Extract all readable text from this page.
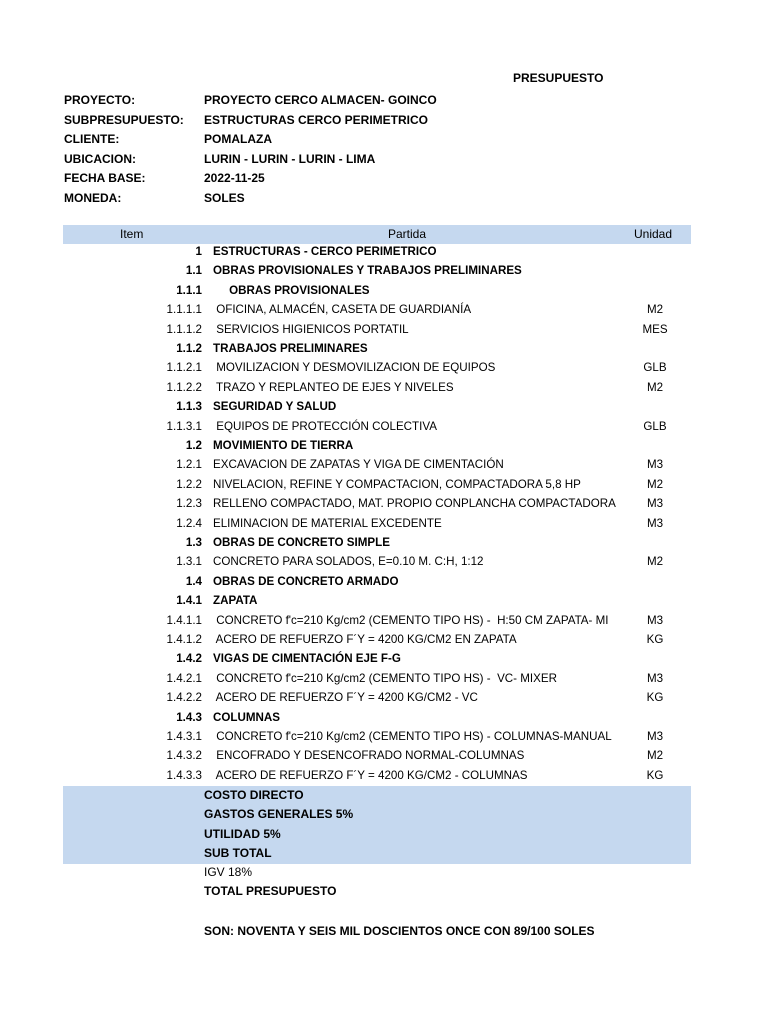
PRESUPUESTO
PROYECTO:	PROYECTO CERCO ALMACEN- GOINCO
SUBPRESUPUESTO: ESTRUCTURAS CERCO PERIMETRICO
CLIENTE:	POMALAZA
UBICACION:	LURIN - LURIN - LURIN - LIMA
FECHA BASE:	2022-11-25
MONEDA:	SOLES
Item	Partida	Unidad
1 ESTRUCTURAS - CERCO PERIMETRICO
1.1 OBRAS PROVISIONALES Y TRABAJOS PRELIMINARES
1.1.1 OBRAS PROVISIONALES
1.1.1.1 OFICINA, ALMACÉN, CASETA DE GUARDIANÍA	M2
1.1.1.2 SERVICIOS HIGIENICOS PORTATIL	MES
1.1.2 TRABAJOS PRELIMINARES
1.1.2.1 MOVILIZACION Y DESMOVILIZACION DE EQUIPOS	GLB
1.1.2.2 TRAZO Y REPLANTEO DE EJES Y NIVELES	M2
1.1.3 SEGURIDAD Y SALUD
1.1.3.1 EQUIPOS DE PROTECCIÓN COLECTIVA	GLB
1.2 MOVIMIENTO DE TIERRA
1.2.1 EXCAVACION DE ZAPATAS Y VIGA DE CIMENTACIÓN	M3
1.2.2 NIVELACION, REFINE Y COMPACTACION, COMPACTADORA 5,8 HP	M2
1.2.3 RELLENO COMPACTADO, MAT. PROPIO CONPLANCHA COMPACTADORA	M3
1.2.4 ELIMINACION DE MATERIAL EXCEDENTE	M3
1.3 OBRAS DE CONCRETO SIMPLE
1.3.1 CONCRETO PARA SOLADOS, E=0.10 M. C:H, 1:12	M2
1.4 OBRAS DE CONCRETO ARMADO
1.4.1 ZAPATA
1.4.1.1 CONCRETO f'c=210 Kg/cm2 (CEMENTO TIPO HS) -  H:50 CM ZAPATA- MI	M3
1.4.1.2 ACERO DE REFUERZO F´Y = 4200 KG/CM2 EN ZAPATA	KG
1.4.2 VIGAS DE CIMENTACIÓN EJE F-G
1.4.2.1 CONCRETO f'c=210 Kg/cm2 (CEMENTO TIPO HS) -  VC- MIXER	M3
1.4.2.2 ACERO DE REFUERZO F´Y = 4200 KG/CM2 - VC	KG
1.4.3 COLUMNAS
1.4.3.1 CONCRETO f'c=210 Kg/cm2 (CEMENTO TIPO HS) - COLUMNAS-MANUAL	M3
1.4.3.2 ENCOFRADO Y DESENCOFRADO NORMAL-COLUMNAS	M2
1.4.3.3 ACERO DE REFUERZO F´Y = 4200 KG/CM2 - COLUMNAS	KG
COSTO DIRECTO
GASTOS GENERALES 5%
UTILIDAD 5%
SUB TOTAL
IGV 18%
TOTAL PRESUPUESTO
SON: NOVENTA Y SEIS MIL DOSCIENTOS ONCE CON 89/100 SOLES
